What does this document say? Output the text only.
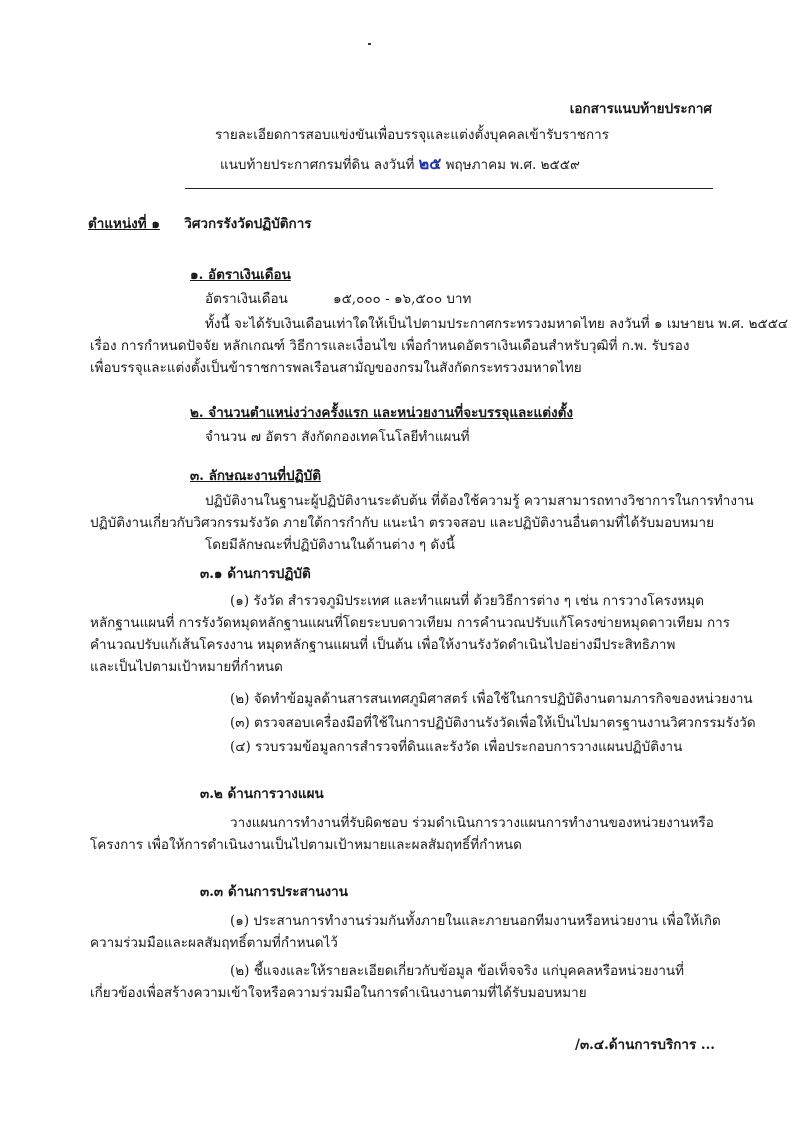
เอกสารแนบท้ายประกาศ
รายละเอียดการสอบแข่งขันเพื่อบรรจุและแต่งตั้งบุคคลเข้ารับราชการ
แนบท้ายประกาศกรมที่ดิน ลงวันที่ ๒๕ พฤษภาคม พ.ศ. ๒๕๕๙
ตำแหน่งที่ ๑ วิศวกรรังวัดปฏิบัติการ
๑. อัตราเงินเดือน
อัตราเงินเดือน	๑๕,๐๐๐ - ๑๖,๕๐๐ บาท

ทั้งนี้ จะได้รับเงินเดือนเท่าใดให้เป็นไปตามประกาศกระทรวงมหาดไทย ลงวันที่ ๑ เมษายน พ.ศ. ๒๕๕๔

เรื่อง การกำหนดปัจจัย หลักเกณฑ์ วิธีการและเงื่อนไข เพื่อกำหนดอัตราเงินเดือนสำหรับวุฒิที่ ก.พ. รับรอง

เพื่อบรรจุและแต่งตั้งเป็นข้าราชการพลเรือนสามัญของกรมในสังกัดกระทรวงมหาดไทย

๒. จำนวนตำแหน่งว่างครั้งแรก และหน่วยงานที่จะบรรจุและแต่งตั้ง
จำนวน ๗ อัตรา สังกัดกองเทคโนโลยีทำแผนที่
๓. ลักษณะงานที่ปฏิบัติ

ปฏิบัติงานในฐานะผู้ปฏิบัติงานระดับต้น ที่ต้องใช้ความรู้ ความสามารถทางวิชาการในการทำงาน

ปฏิบัติงานเกี่ยวกับวิศวกรรมรังวัด ภายใต้การกำกับ แนะนำ ตรวจสอบ และปฏิบัติงานอื่นตามที่ได้รับมอบหมาย

โดยมีลักษณะที่ปฏิบัติงานในด้านต่าง ๆ ดังนี้

๓.๑ ด้านการปฏิบัติ

(๑) รังวัด สำรวจภูมิประเทศ และทำแผนที่ ด้วยวิธีการต่าง ๆ เช่น การวางโครงหมุด

หลักฐานแผนที่ การรังวัดหมุดหลักฐานแผนที่โดยระบบดาวเทียม การคำนวณปรับแก้โครงข่ายหมุดดาวเทียม การ

คำนวณปรับแก้เส้นโครงงาน หมุดหลักฐานแผนที่ เป็นต้น เพื่อให้งานรังวัดดำเนินไปอย่างมีประสิทธิภาพ

และเป็นไปตามเป้าหมายที่กำหนด

(๒) จัดทำข้อมูลด้านสารสนเทศภูมิศาสตร์ เพื่อใช้ในการปฏิบัติงานตามภารกิจของหน่วยงาน
(๓) ตรวจสอบเครื่องมือที่ใช้ในการปฏิบัติงานรังวัดเพื่อให้เป็นไปมาตรฐานงานวิศวกรรมรังวัด
(๔) รวบรวมข้อมูลการสำรวจที่ดินและรังวัด เพื่อประกอบการวางแผนปฏิบัติงาน
๓.๒ ด้านการวางแผน

วางแผนการทำงานที่รับผิดชอบ ร่วมดำเนินการวางแผนการทำงานของหน่วยงานหรือ

โครงการ เพื่อให้การดำเนินงานเป็นไปตามเป้าหมายและผลสัมฤทธิ์ที่กำหนด

๓.๓ ด้านการประสานงาน

(๑) ประสานการทำงานร่วมกันทั้งภายในและภายนอกทีมงานหรือหน่วยงาน เพื่อให้เกิด

ความร่วมมือและผลสัมฤทธิ์ตามที่กำหนดไว้

(๒) ชี้แจงและให้รายละเอียดเกี่ยวกับข้อมูล ข้อเท็จจริง แก่บุคคลหรือหน่วยงานที่

เกี่ยวข้องเพื่อสร้างความเข้าใจหรือความร่วมมือในการดำเนินงานตามที่ได้รับมอบหมาย

/๓.๔.ด้านการบริการ ...
